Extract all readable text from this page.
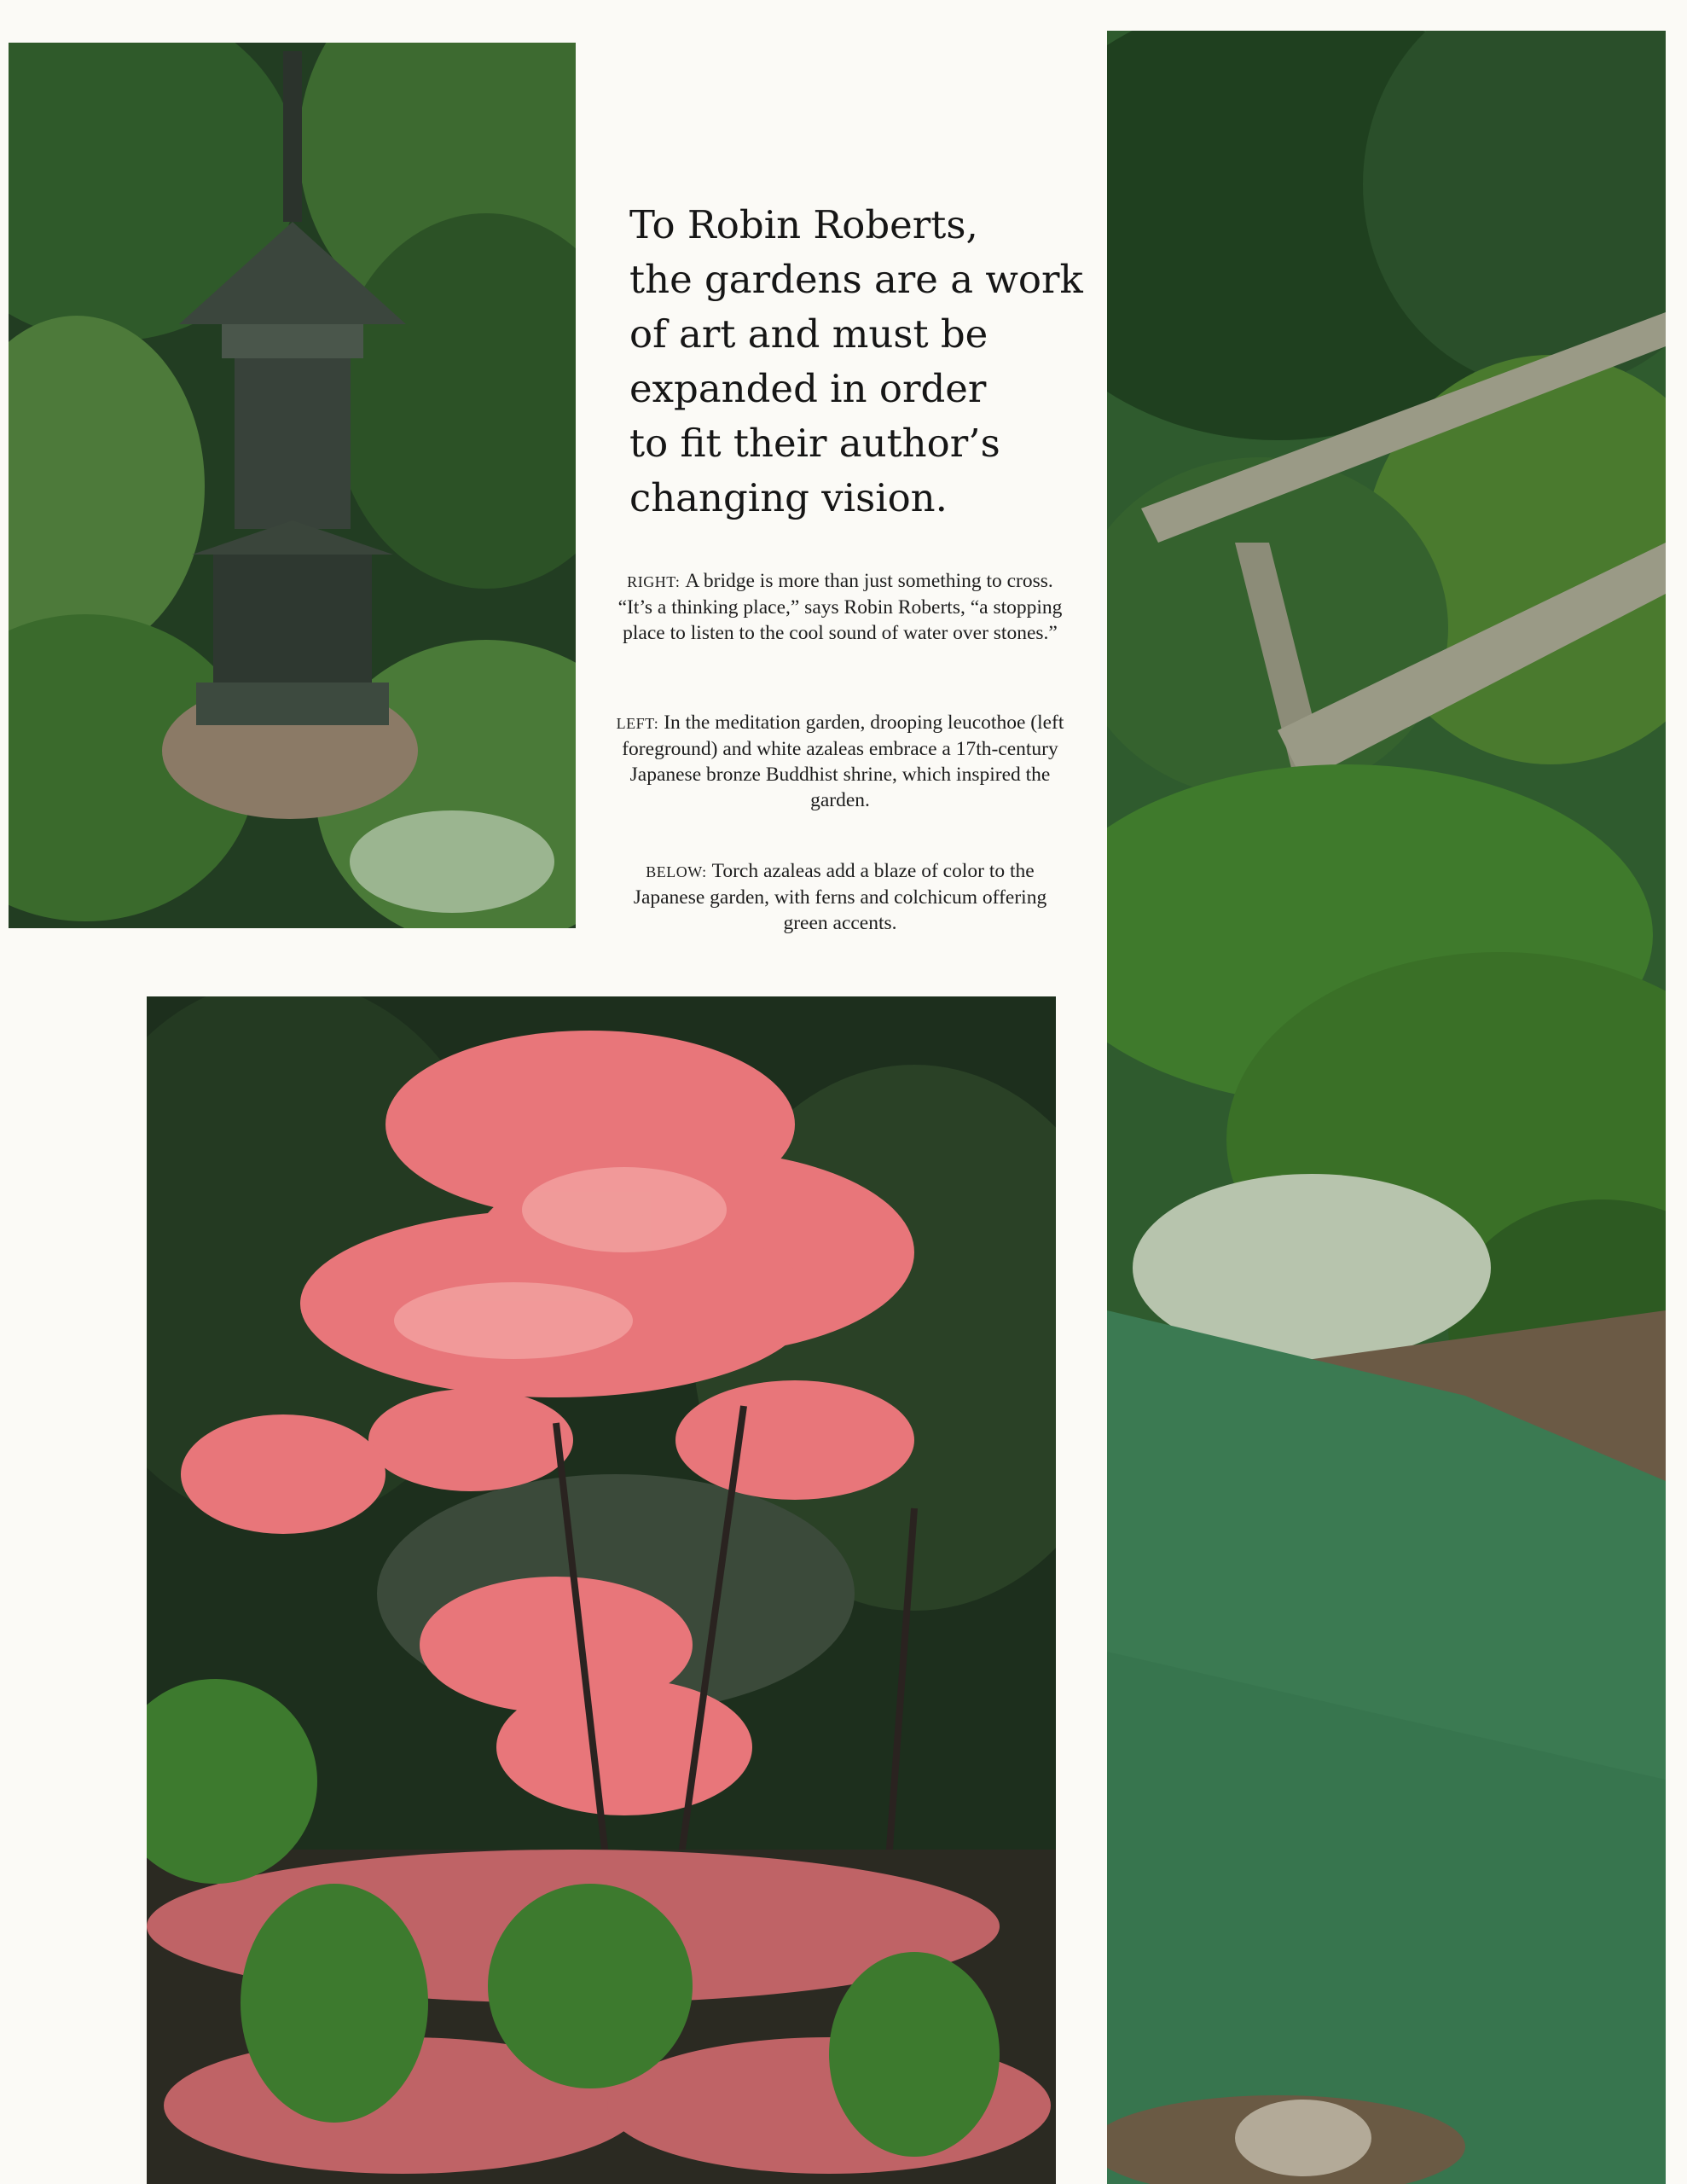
To Robin Roberts,
the gardens are a work
of art and must be
expanded in order
to fit their author’s
changing vision.

RIGHT: A bridge is more than just something to cross. “It’s a thinking place,” says Robin Roberts, “a stopping place to listen to the cool sound of water over stones.”

LEFT: In the meditation garden, drooping leucothoe (left foreground) and white azaleas embrace a 17th-century Japanese bronze Buddhist shrine, which inspired the garden.

BELOW: Torch azaleas add a blaze of color to the Japanese garden, with ferns and colchicum offering green accents.
